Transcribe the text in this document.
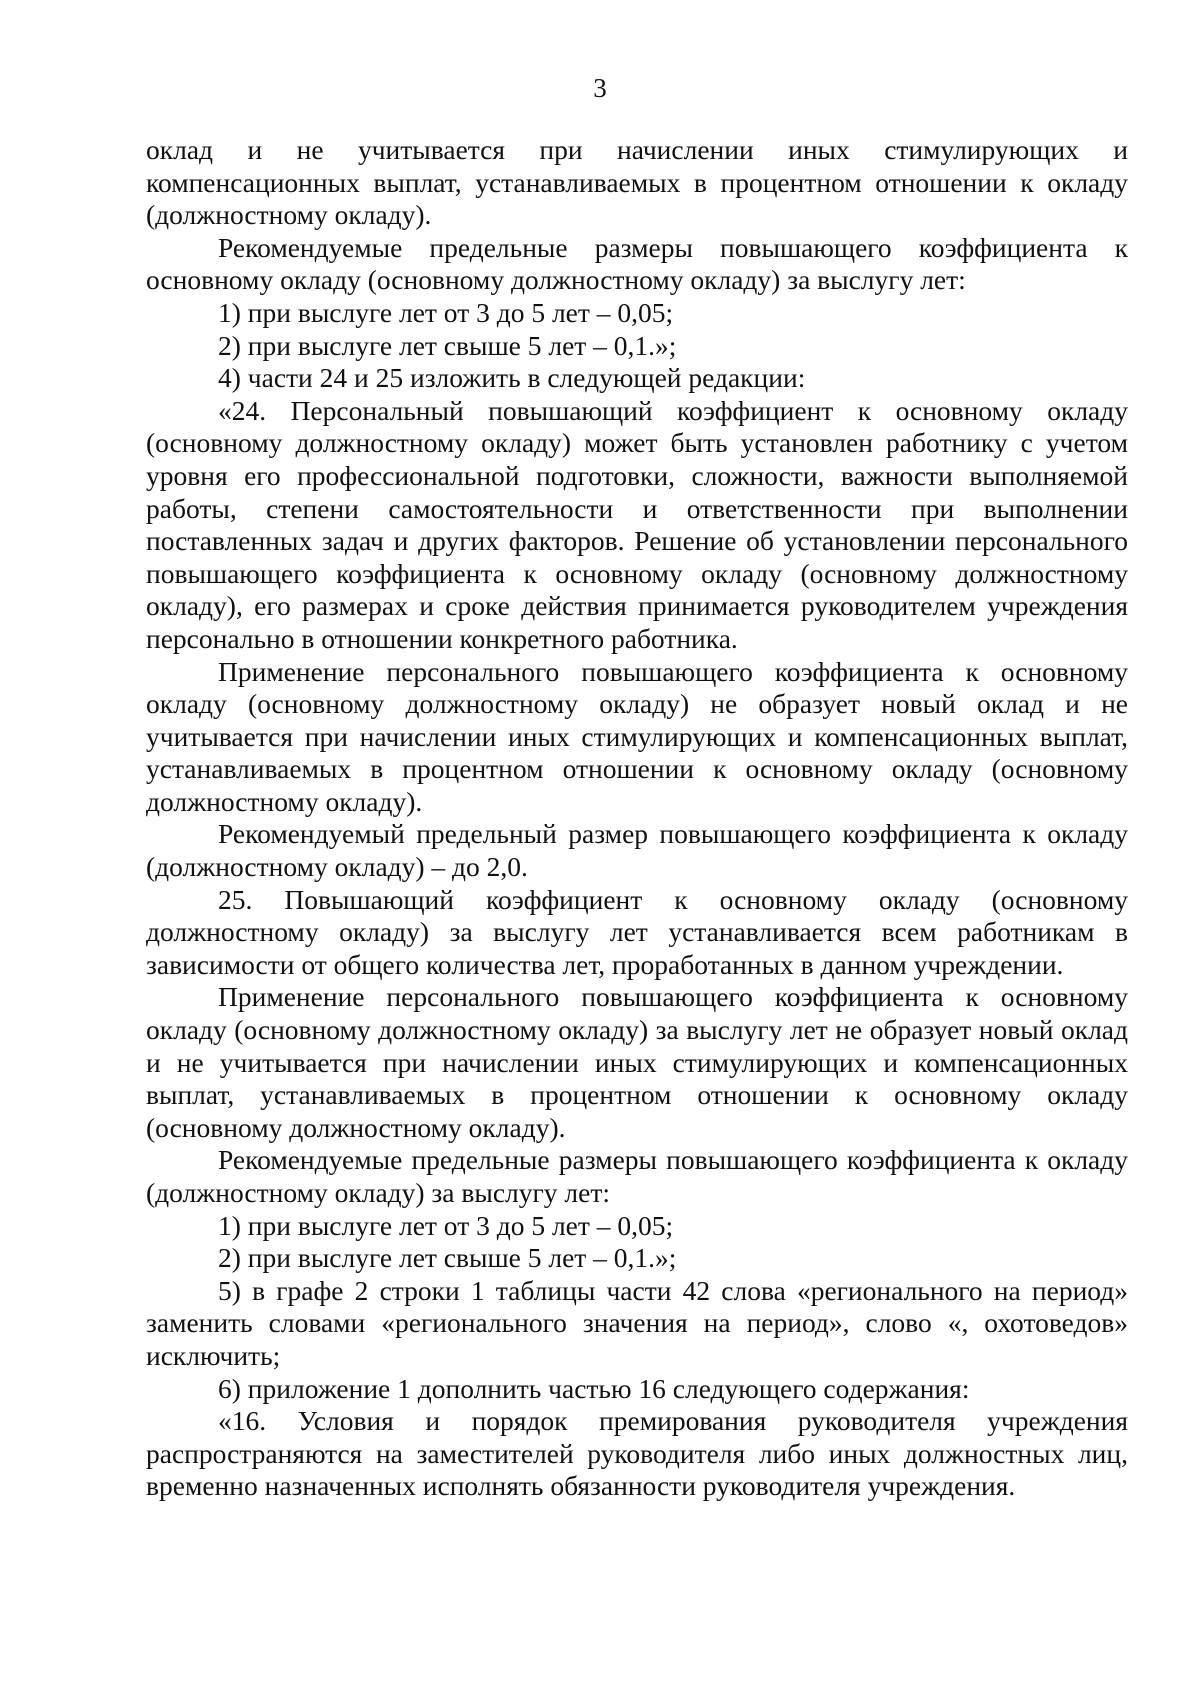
3

оклад и не учитывается при начислении иных стимулирующих и компенсационных выплат, устанавливаемых в процентном отношении к окладу (должностному окладу).

Рекомендуемые предельные размеры повышающего коэффициента к основному окладу (основному должностному окладу) за выслугу лет:

1) при выслуге лет от 3 до 5 лет – 0,05;

2) при выслуге лет свыше 5 лет – 0,1.»;

4) части 24 и 25 изложить в следующей редакции:

«24. Персональный повышающий коэффициент к основному окладу (основному должностному окладу) может быть установлен работнику с учетом уровня его профессиональной подготовки, сложности, важности выполняемой работы, степени самостоятельности и ответственности при выполнении поставленных задач и других факторов. Решение об установлении персонального повышающего коэффициента к основному окладу (основному должностному окладу), его размерах и сроке действия принимается руководителем учреждения персонально в отношении конкретного работника.

Применение персонального повышающего коэффициента к основному окладу (основному должностному окладу) не образует новый оклад и не учитывается при начислении иных стимулирующих и компенсационных выплат, устанавливаемых в процентном отношении к основному окладу (основному должностному окладу).

Рекомендуемый предельный размер повышающего коэффициента к окладу (должностному окладу) – до 2,0.

25. Повышающий коэффициент к основному окладу (основному должностному окладу) за выслугу лет устанавливается всем работникам в зависимости от общего количества лет, проработанных в данном учреждении.

Применение персонального повышающего коэффициента к основному окладу (основному должностному окладу) за выслугу лет не образует новый оклад и не учитывается при начислении иных стимулирующих и компенсационных выплат, устанавливаемых в процентном отношении к основному окладу (основному должностному окладу).

Рекомендуемые предельные размеры повышающего коэффициента к окладу (должностному окладу) за выслугу лет:

1) при выслуге лет от 3 до 5 лет – 0,05;

2) при выслуге лет свыше 5 лет – 0,1.»;

5) в графе 2 строки 1 таблицы части 42 слова «регионального на период» заменить словами «регионального значения на период», слово «, охотоведов» исключить;

6) приложение 1 дополнить частью 16 следующего содержания:

«16. Условия и порядок премирования руководителя учреждения распространяются на заместителей руководителя либо иных должностных лиц, временно назначенных исполнять обязанности руководителя учреждения.
